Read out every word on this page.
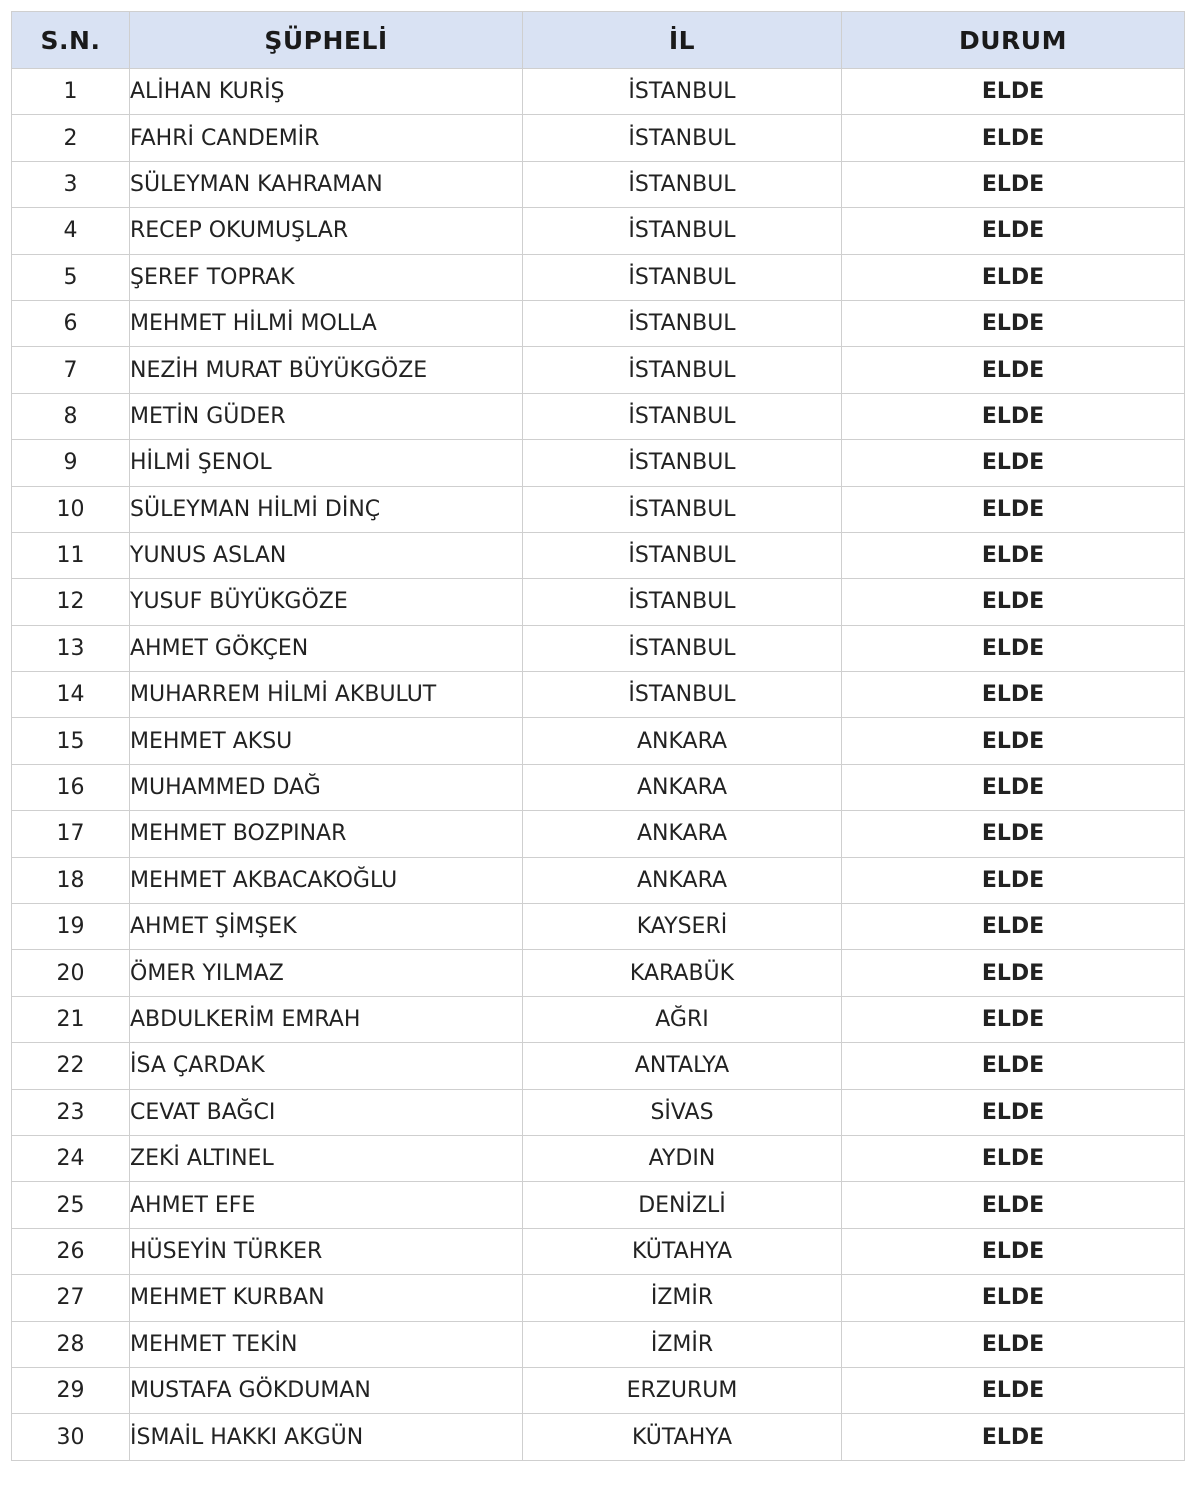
S.N.	ŞÜPHELİ	İL	DURUM
1	ALİHAN KURİŞ	İSTANBUL	ELDE
2	FAHRİ CANDEMİR	İSTANBUL	ELDE
3	SÜLEYMAN KAHRAMAN	İSTANBUL	ELDE
4	RECEP OKUMUŞLAR	İSTANBUL	ELDE
5	ŞEREF TOPRAK	İSTANBUL	ELDE
6	MEHMET HİLMİ MOLLA	İSTANBUL	ELDE
7	NEZİH MURAT BÜYÜKGÖZE	İSTANBUL	ELDE
8	METİN GÜDER	İSTANBUL	ELDE
9	HİLMİ ŞENOL	İSTANBUL	ELDE
10	SÜLEYMAN HİLMİ DİNÇ	İSTANBUL	ELDE
11	YUNUS ASLAN	İSTANBUL	ELDE
12	YUSUF BÜYÜKGÖZE	İSTANBUL	ELDE
13	AHMET GÖKÇEN	İSTANBUL	ELDE
14	MUHARREM HİLMİ AKBULUT	İSTANBUL	ELDE
15	MEHMET AKSU	ANKARA	ELDE
16	MUHAMMED DAĞ	ANKARA	ELDE
17	MEHMET BOZPINAR	ANKARA	ELDE
18	MEHMET AKBACAKOĞLU	ANKARA	ELDE
19	AHMET ŞİMŞEK	KAYSERİ	ELDE
20	ÖMER YILMAZ	KARABÜK	ELDE
21	ABDULKERİM EMRAH	AĞRI	ELDE
22	İSA ÇARDAK	ANTALYA	ELDE
23	CEVAT BAĞCI	SİVAS	ELDE
24	ZEKİ ALTINEL	AYDIN	ELDE
25	AHMET EFE	DENİZLİ	ELDE
26	HÜSEYİN TÜRKER	KÜTAHYA	ELDE
27	MEHMET KURBAN	İZMİR	ELDE
28	MEHMET TEKİN	İZMİR	ELDE
29	MUSTAFA GÖKDUMAN	ERZURUM	ELDE
30	İSMAİL HAKKI AKGÜN	KÜTAHYA	ELDE
